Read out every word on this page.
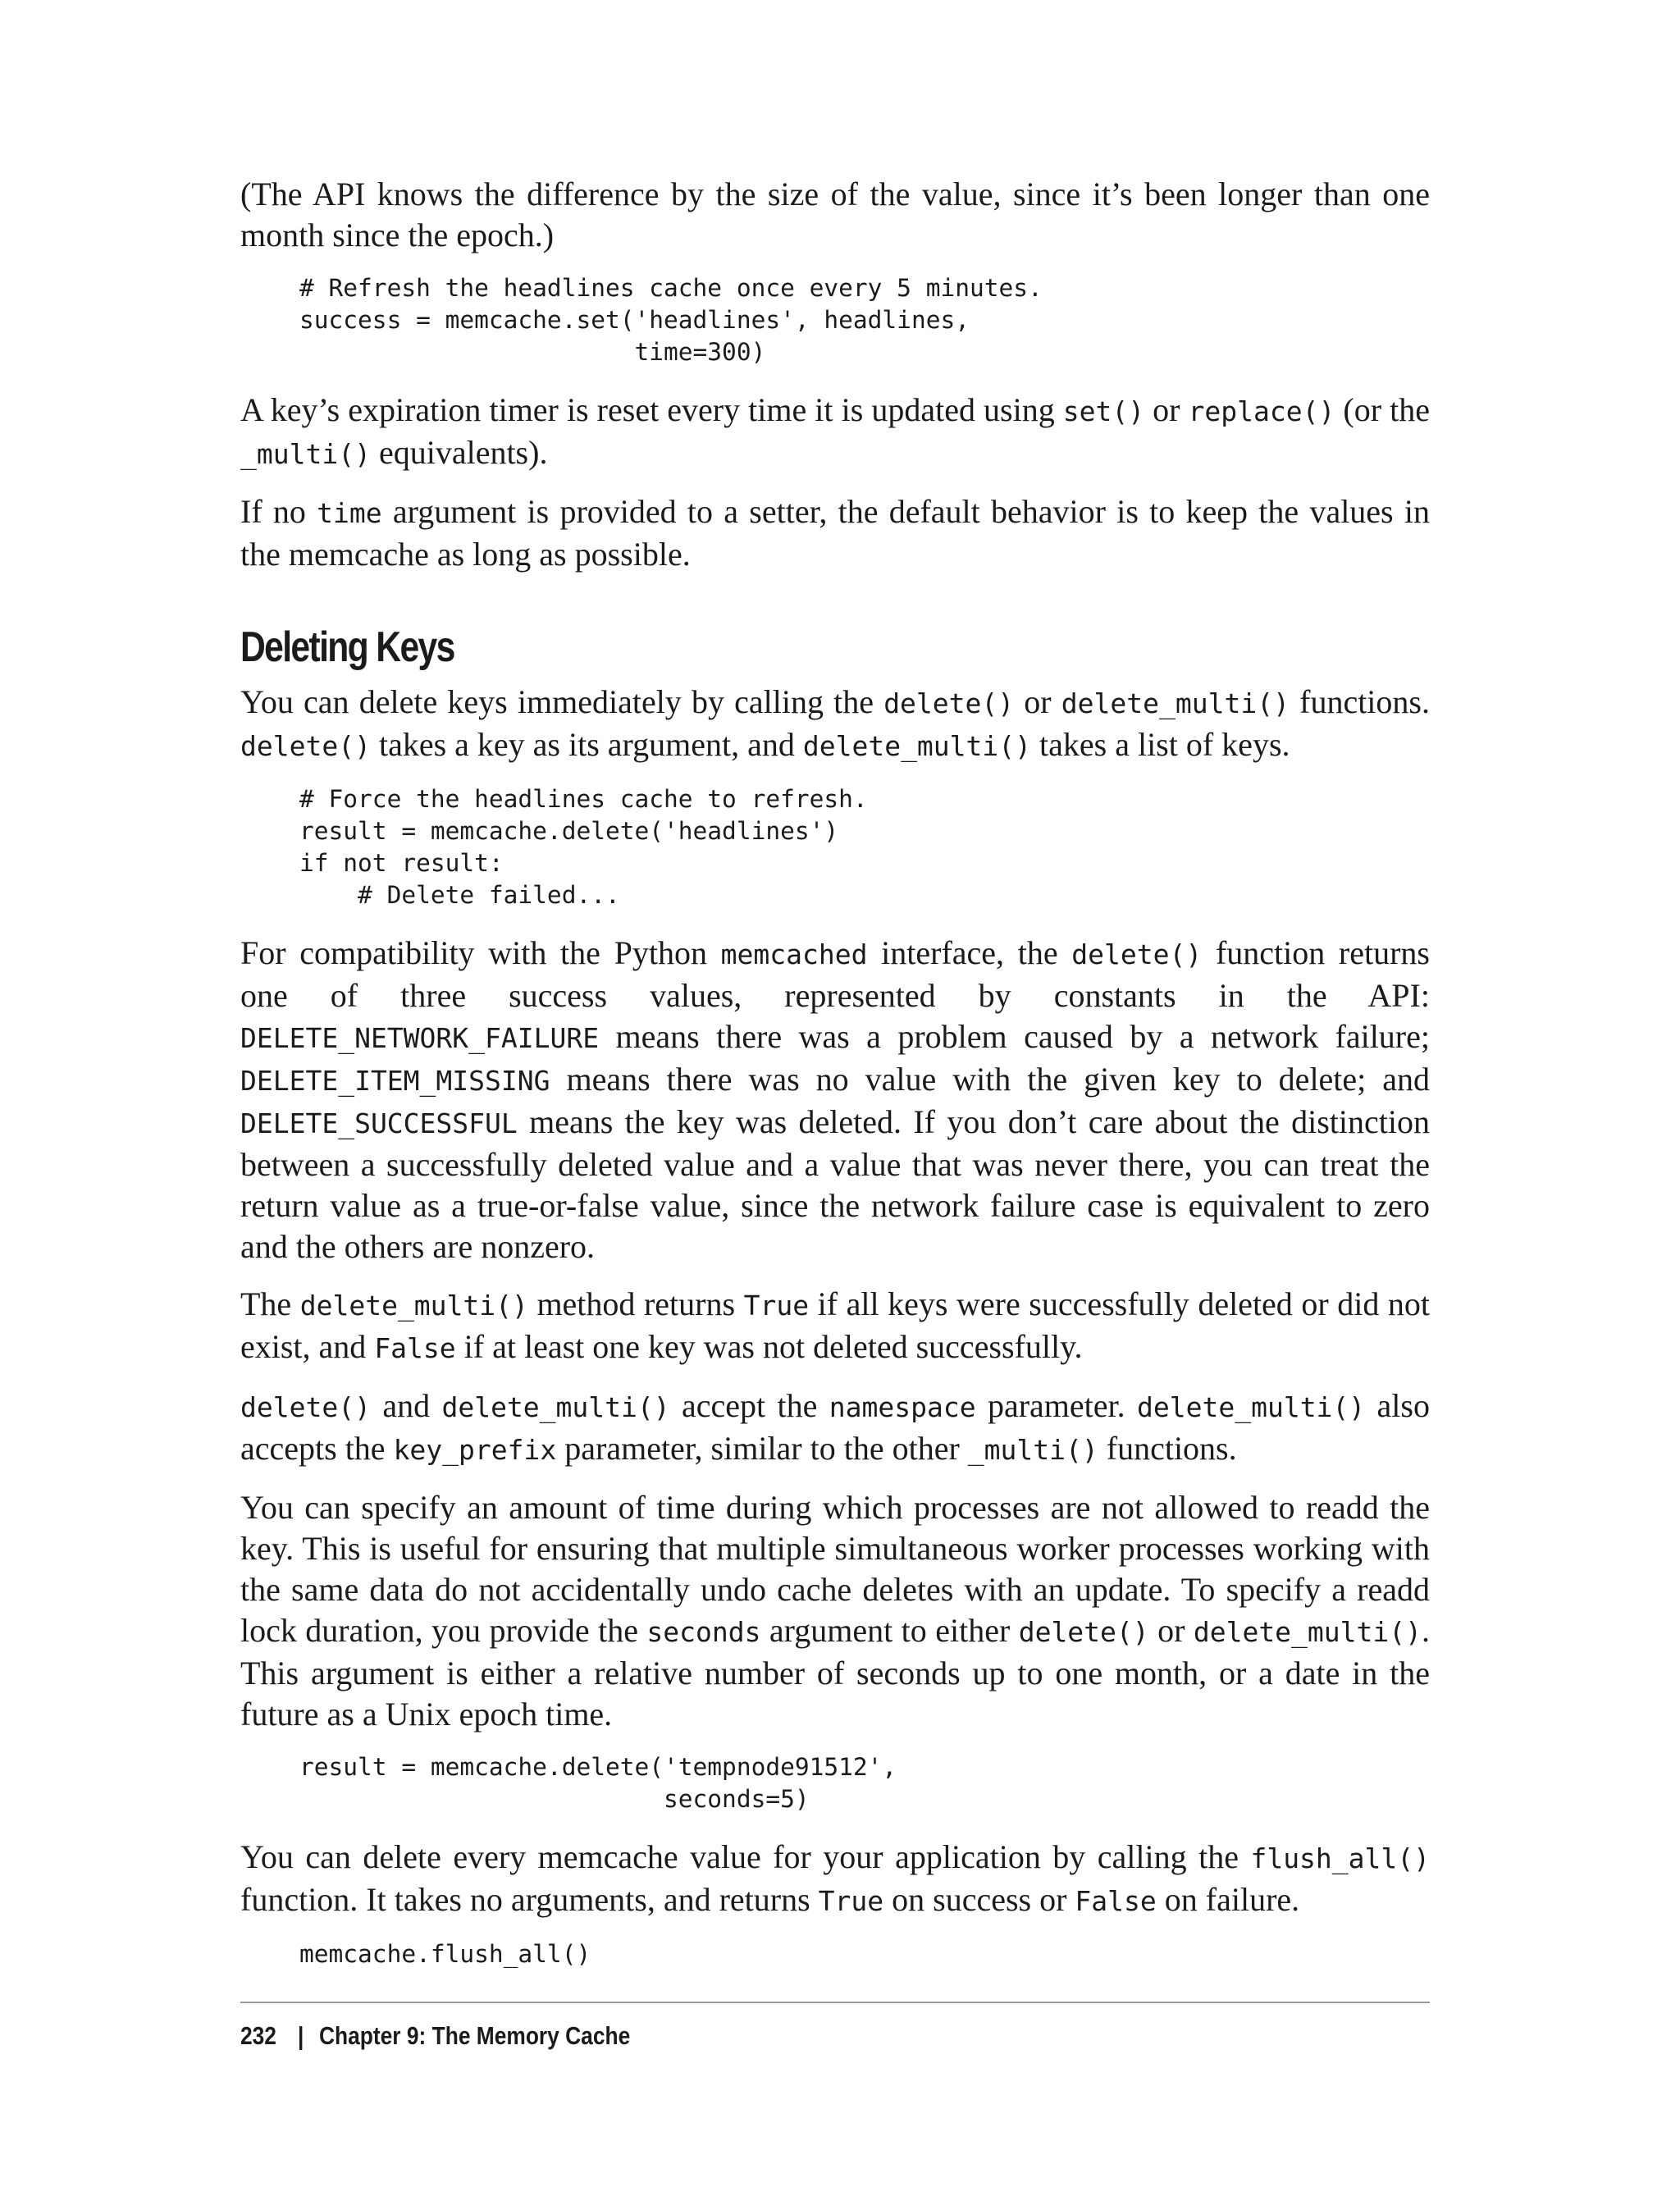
(The API knows the difference by the size of the value, since it’s been longer than one month since the epoch.)

# Refresh the headlines cache once every 5 minutes.
success = memcache.set('headlines', headlines,
time=300)

A key’s expiration timer is reset every time it is updated using set() or replace() (or the _multi() equivalents).

If no time argument is provided to a setter, the default behavior is to keep the values in the memcache as long as possible.

Deleting Keys

You can delete keys immediately by calling the delete() or delete_multi() functions. delete() takes a key as its argument, and delete_multi() takes a list of keys.

# Force the headlines cache to refresh.
result = memcache.delete('headlines')
if not result:
# Delete failed...

For compatibility with the Python memcached interface, the delete() function returns one of three success values, represented by constants in the API: DELETE_NETWORK_FAILURE means there was a problem caused by a network failure; DELETE_ITEM_MISSING means there was no value with the given key to delete; and DELETE_SUCCESSFUL means the key was deleted. If you don’t care about the distinction between a successfully deleted value and a value that was never there, you can treat the return value as a true-or-false value, since the network failure case is equivalent to zero and the others are nonzero.

The delete_multi() method returns True if all keys were successfully deleted or did not exist, and False if at least one key was not deleted successfully.

delete() and delete_multi() accept the namespace parameter. delete_multi() also accepts the key_prefix parameter, similar to the other _multi() functions.

You can specify an amount of time during which processes are not allowed to readd the key. This is useful for ensuring that multiple simultaneous worker processes working with the same data do not accidentally undo cache deletes with an update. To specify a readd lock duration, you provide the seconds argument to either delete() or delete_multi(). This argument is either a relative number of seconds up to one month, or a date in the future as a Unix epoch time.

result = memcache.delete('tempnode91512',
seconds=5)

You can delete every memcache value for your application by calling the flush_all() function. It takes no arguments, and returns True on success or False on failure.

memcache.flush_all()
232 | Chapter 9: The Memory Cache
